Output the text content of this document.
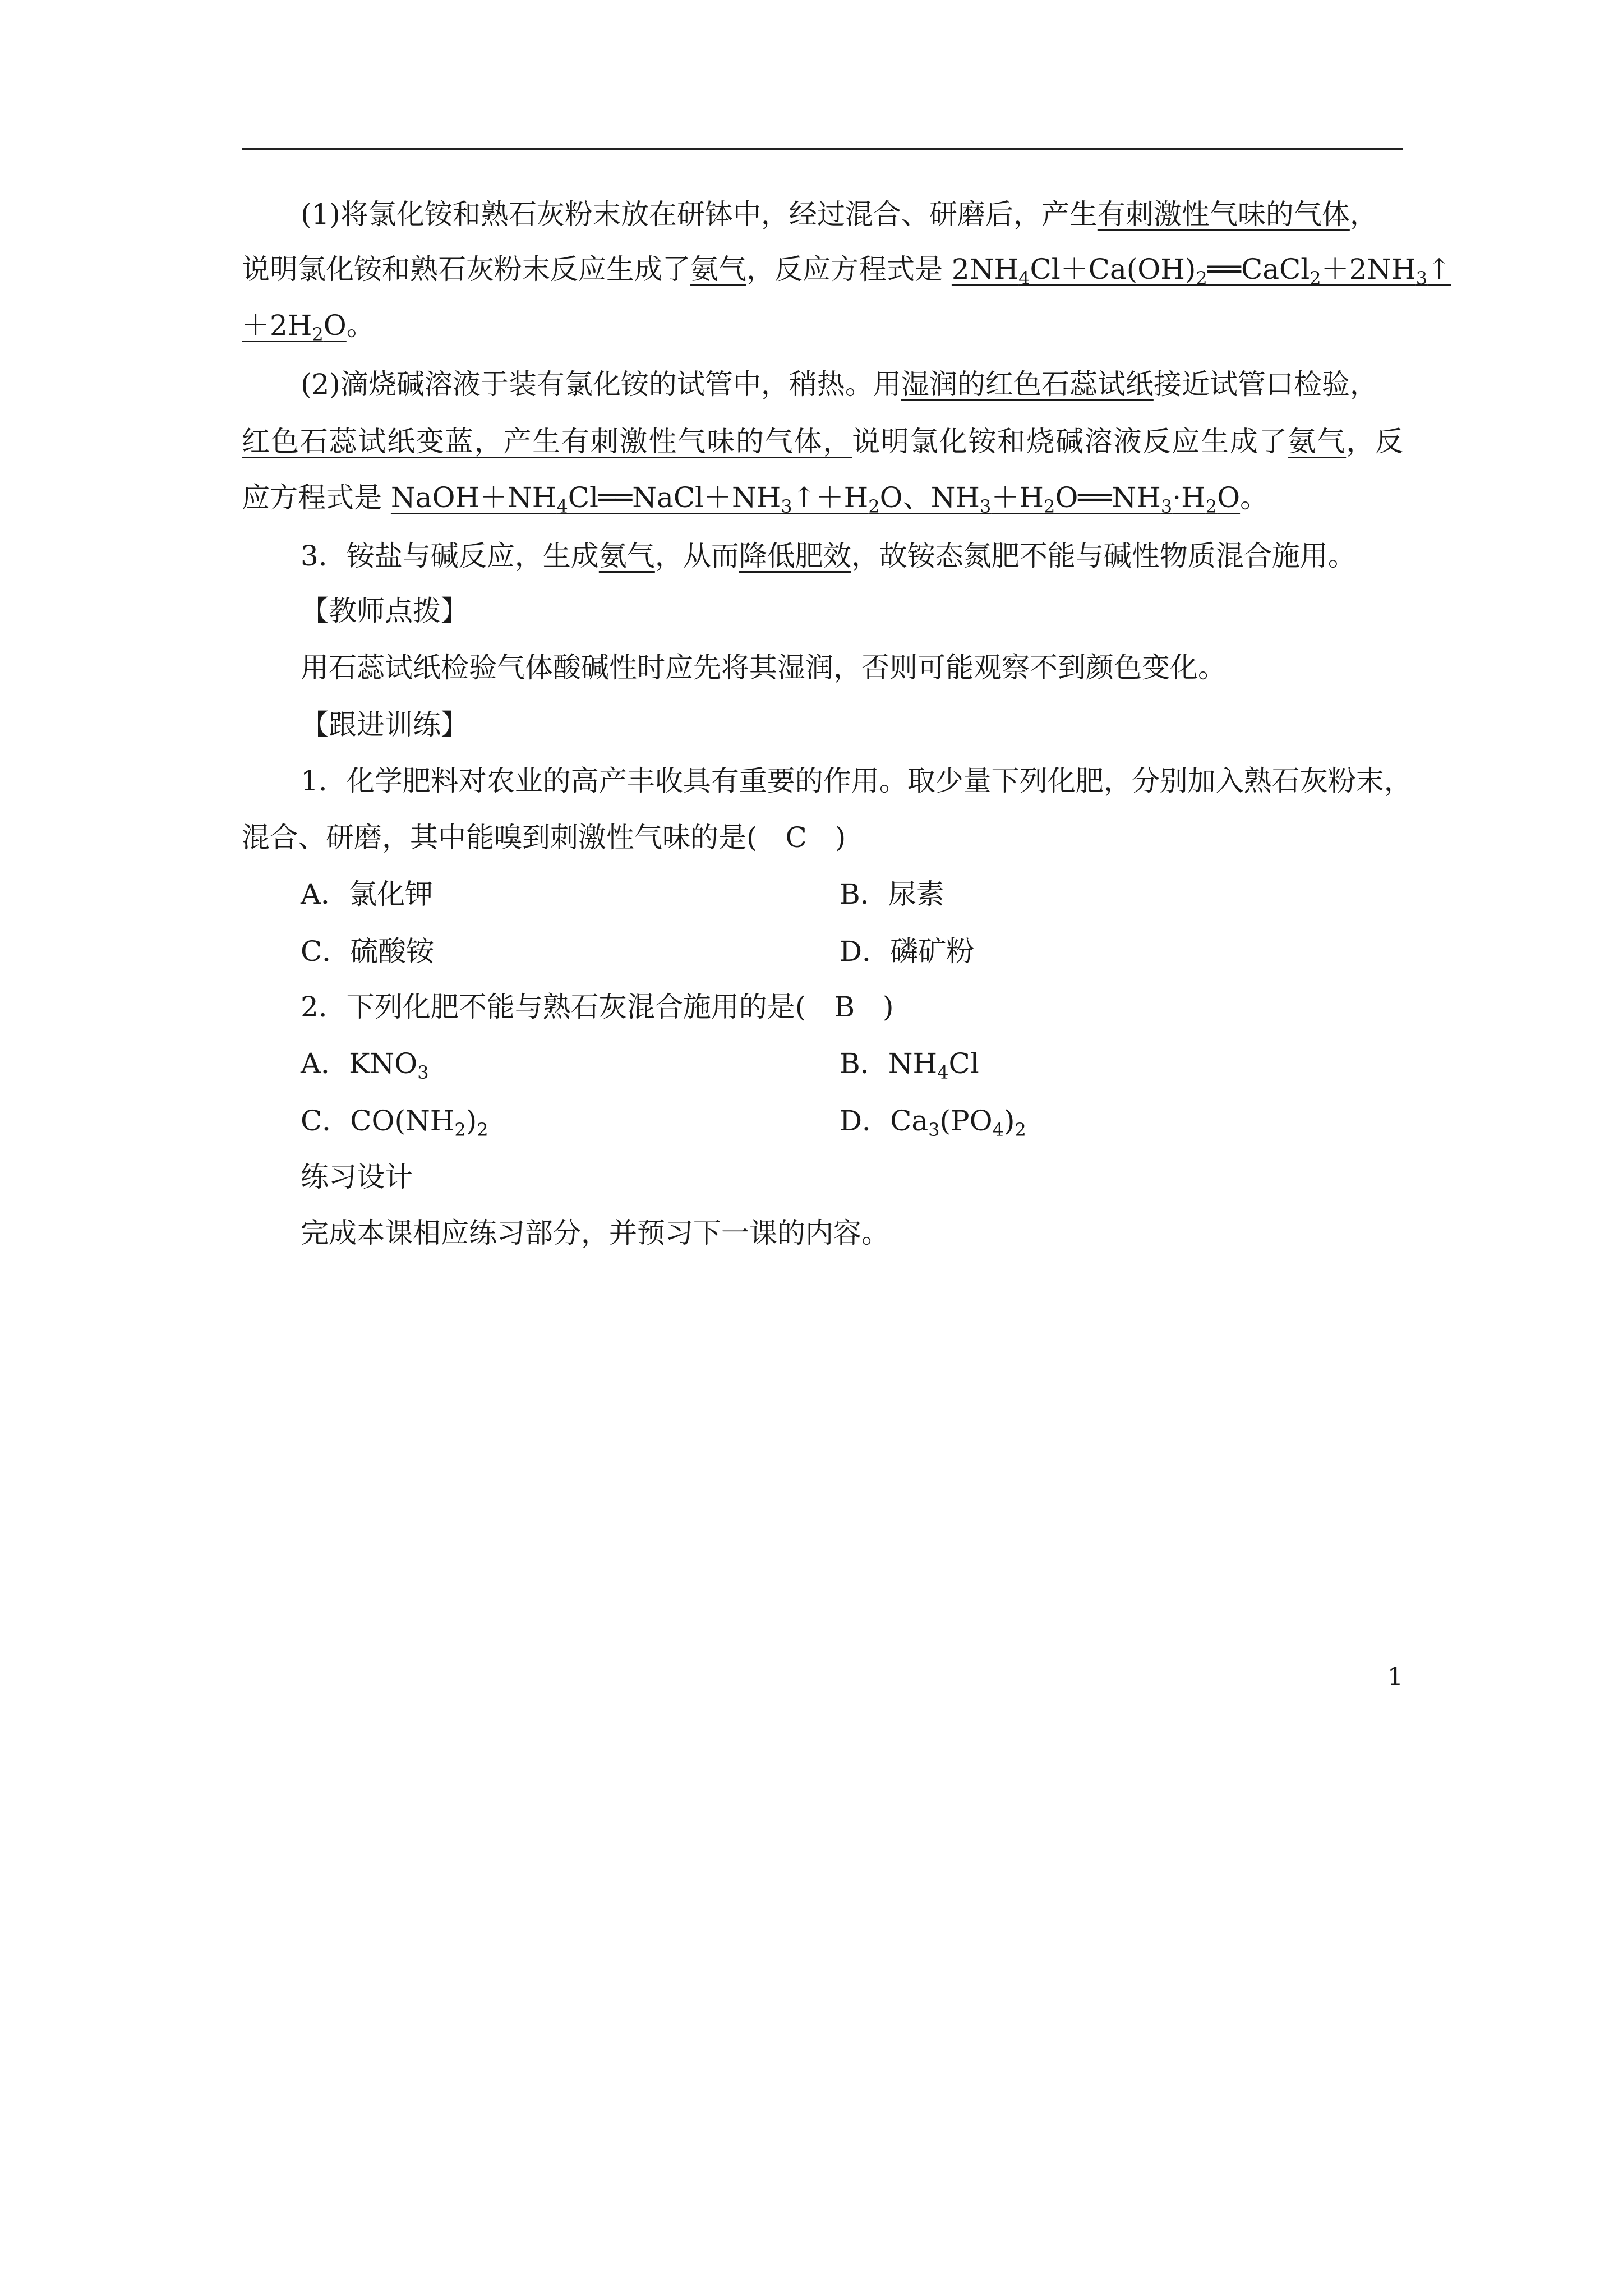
(1)将氯化铵和熟石灰粉末放在研钵中，经过混合、研磨后，产生有刺激性气味的气体，
说明氯化铵和熟石灰粉末反应生成了氨气，反应方程式是 $2NH_4Cl+Ca(OH)_2══CaCl_2+2NH_3↑$
$+2H_2O$。
(2)滴烧碱溶液于装有氯化铵的试管中，稍热。用湿润的红色石蕊试纸接近试管口检验，
红色石蕊试纸变蓝，产生有刺激性气味的气体，说明氯化铵和烧碱溶液反应生成了氨气，反
应方程式是 $NaOH+NH_4Cl══NaCl+NH_3↑+H_2O$、$NH_3+H_2O══NH_3\cdot H_2O$。
3．铵盐与碱反应，生成氨气，从而降低肥效，故铵态氮肥不能与碱性物质混合施用。
【教师点拨】
用石蕊试纸检验气体酸碱性时应先将其湿润，否则可能观察不到颜色变化。
【跟进训练】
1．化学肥料对农业的高产丰收具有重要的作用。取少量下列化肥，分别加入熟石灰粉末，
混合、研磨，其中能嗅到刺激性气味的是(　C　)
A．氯化钾	B．尿素
C．硫酸铵	D．磷矿粉
2．下列化肥不能与熟石灰混合施用的是(　B　)
A．$KNO_3$	B．$NH_4Cl$
C．$CO(NH_2)_2$	D．$Ca_3(PO_4)_2$
练习设计
完成本课相应练习部分，并预习下一课的内容。
1
